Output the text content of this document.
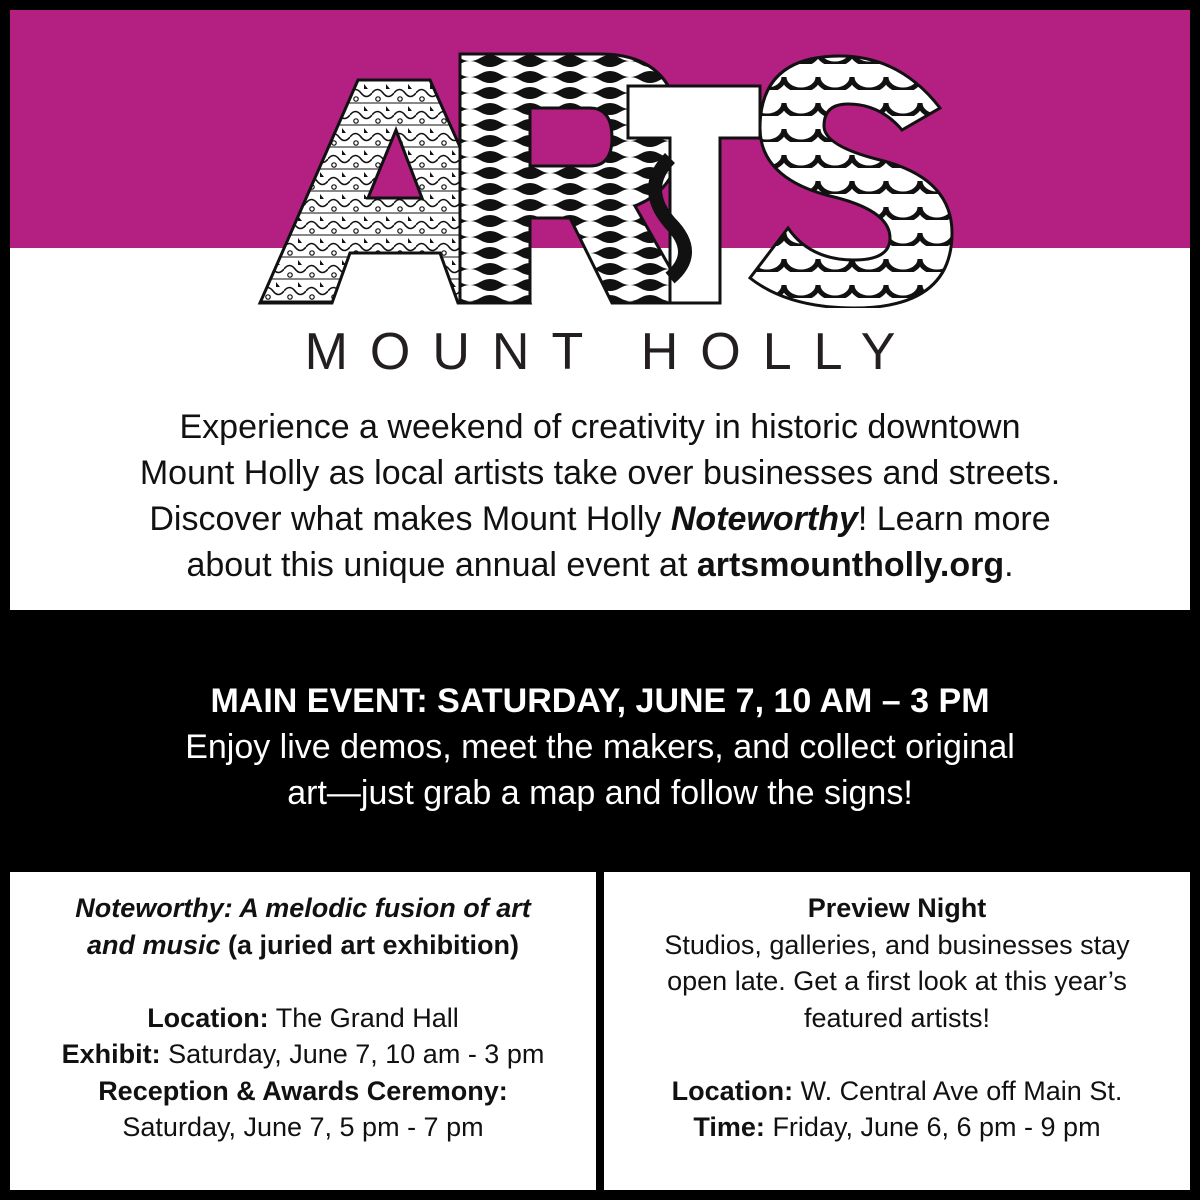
MOUNT HOLLY
Experience a weekend of creativity in historic downtown
Mount Holly as local artists take over businesses and streets.
Discover what makes Mount Holly Noteworthy! Learn more
about this unique annual event at artsmountholly.org.
MAIN EVENT: SATURDAY, JUNE 7, 10 AM – 3 PM
Enjoy live demos, meet the makers, and collect original
art—just grab a map and follow the signs!
Noteworthy: A melodic fusion of art
and music (a juried art exhibition)
Location: The Grand Hall
Exhibit: Saturday, June 7, 10 am - 3 pm
Reception & Awards Ceremony:
Saturday, June 7, 5 pm - 7 pm
Preview Night
Studios, galleries, and businesses stay
open late. Get a first look at this year’s
featured artists!
Location: W. Central Ave off Main St.
Time: Friday, June 6, 6 pm - 9 pm
